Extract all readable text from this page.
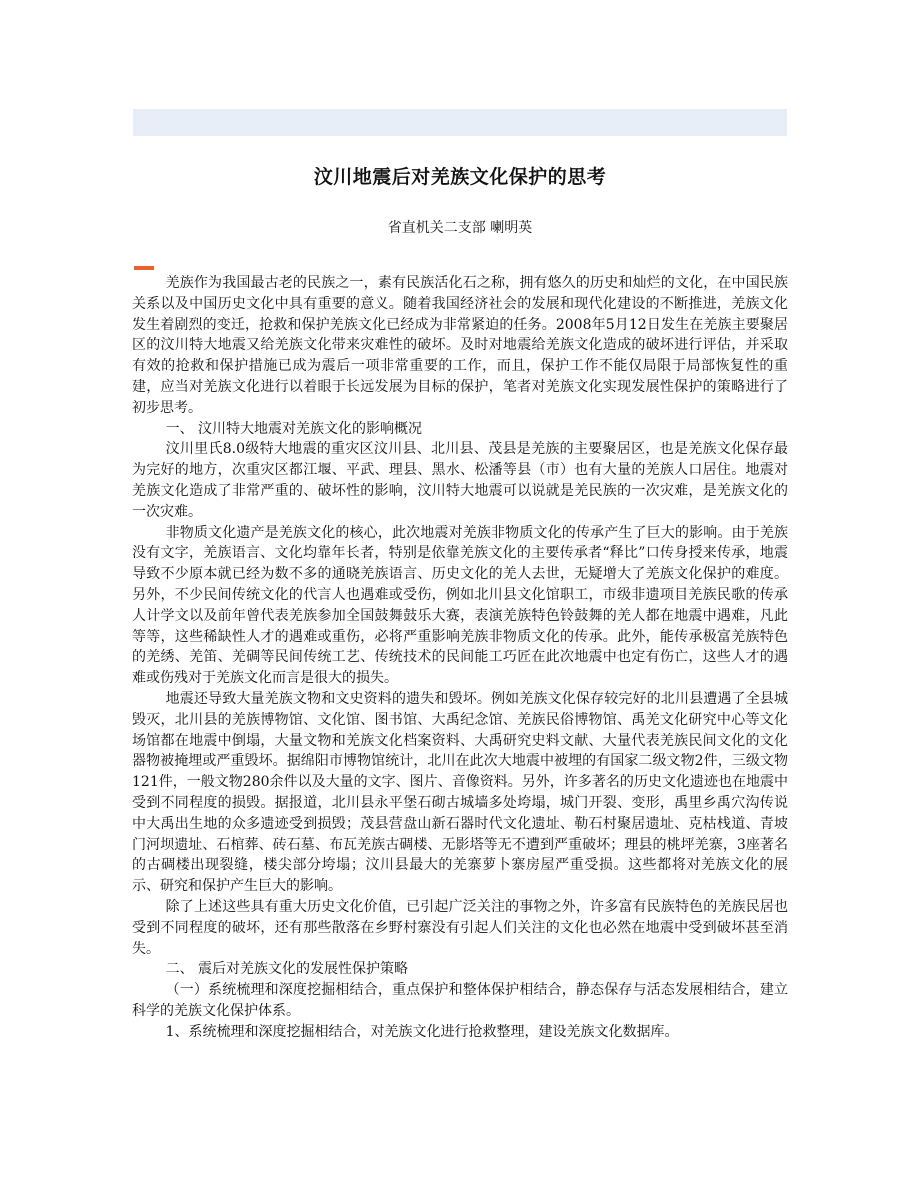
汶川地震后对羌族文化保护的思考
省直机关二支部 喇明英

羌族作为我国最古老的民族之一，素有民族活化石之称，拥有悠久的历史和灿烂的文化，在中国民族关系以及中国历史文化中具有重要的意义。随着我国经济社会的发展和现代化建设的不断推进，羌族文化发生着剧烈的变迁，抢救和保护羌族文化已经成为非常紧迫的任务。2008年5月12日发生在羌族主要聚居区的汶川特大地震又给羌族文化带来灾难性的破坏。及时对地震给羌族文化造成的破坏进行评估，并采取有效的抢救和保护措施已成为震后一项非常重要的工作，而且，保护工作不能仅局限于局部恢复性的重建，应当对羌族文化进行以着眼于长远发展为目标的保护，笔者对羌族文化实现发展性保护的策略进行了初步思考。

一、 汶川特大地震对羌族文化的影响概况

汶川里氏8.0级特大地震的重灾区汶川县、北川县、茂县是羌族的主要聚居区，也是羌族文化保存最为完好的地方，次重灾区都江堰、平武、理县、黑水、松潘等县（市）也有大量的羌族人口居住。地震对羌族文化造成了非常严重的、破坏性的影响，汶川特大地震可以说就是羌民族的一次灾难，是羌族文化的一次灾难。

非物质文化遗产是羌族文化的核心，此次地震对羌族非物质文化的传承产生了巨大的影响。由于羌族没有文字，羌族语言、文化均靠年长者，特别是依靠羌族文化的主要传承者“释比”口传身授来传承，地震导致不少原本就已经为数不多的通晓羌族语言、历史文化的羌人去世，无疑增大了羌族文化保护的难度。另外，不少民间传统文化的代言人也遇难或受伤，例如北川县文化馆职工，市级非遗项目羌族民歌的传承人计学文以及前年曾代表羌族参加全国鼓舞鼓乐大赛，表演羌族特色铃鼓舞的羌人都在地震中遇难，凡此等等，这些稀缺性人才的遇难或重伤，必将严重影响羌族非物质文化的传承。此外，能传承极富羌族特色的羌绣、羌笛、羌碉等民间传统工艺、传统技术的民间能工巧匠在此次地震中也定有伤亡，这些人才的遇难或伤残对于羌族文化而言是很大的损失。

地震还导致大量羌族文物和文史资料的遗失和毁坏。例如羌族文化保存较完好的北川县遭遇了全县城毁灭，北川县的羌族博物馆、文化馆、图书馆、大禹纪念馆、羌族民俗博物馆、禹羌文化研究中心等文化场馆都在地震中倒塌，大量文物和羌族文化档案资料、大禹研究史料文献、大量代表羌族民间文化的文化器物被掩埋或严重毁坏。据绵阳市博物馆统计，北川在此次大地震中被埋的有国家二级文物2件，三级文物121件，一般文物280余件以及大量的文字、图片、音像资料。另外，许多著名的历史文化遗迹也在地震中受到不同程度的损毁。据报道，北川县永平堡石砌古城墙多处垮塌，城门开裂、变形，禹里乡禹穴沟传说中大禹出生地的众多遗迹受到损毁；茂县营盘山新石器时代文化遗址、勒石村聚居遗址、克枯栈道、青坡门河坝遗址、石棺葬、砖石墓、布瓦羌族古碉楼、无影塔等无不遭到严重破坏；理县的桃坪羌寨，3座著名的古碉楼出现裂缝，楼尖部分垮塌；汶川县最大的羌寨萝卜寨房屋严重受损。这些都将对羌族文化的展示、研究和保护产生巨大的影响。

除了上述这些具有重大历史文化价值，已引起广泛关注的事物之外，许多富有民族特色的羌族民居也受到不同程度的破坏，还有那些散落在乡野村寨没有引起人们关注的文化也必然在地震中受到破坏甚至消失。

二、 震后对羌族文化的发展性保护策略

（一）系统梳理和深度挖掘相结合，重点保护和整体保护相结合，静态保存与活态发展相结合，建立科学的羌族文化保护体系。

1、系统梳理和深度挖掘相结合，对羌族文化进行抢救整理，建设羌族文化数据库。
